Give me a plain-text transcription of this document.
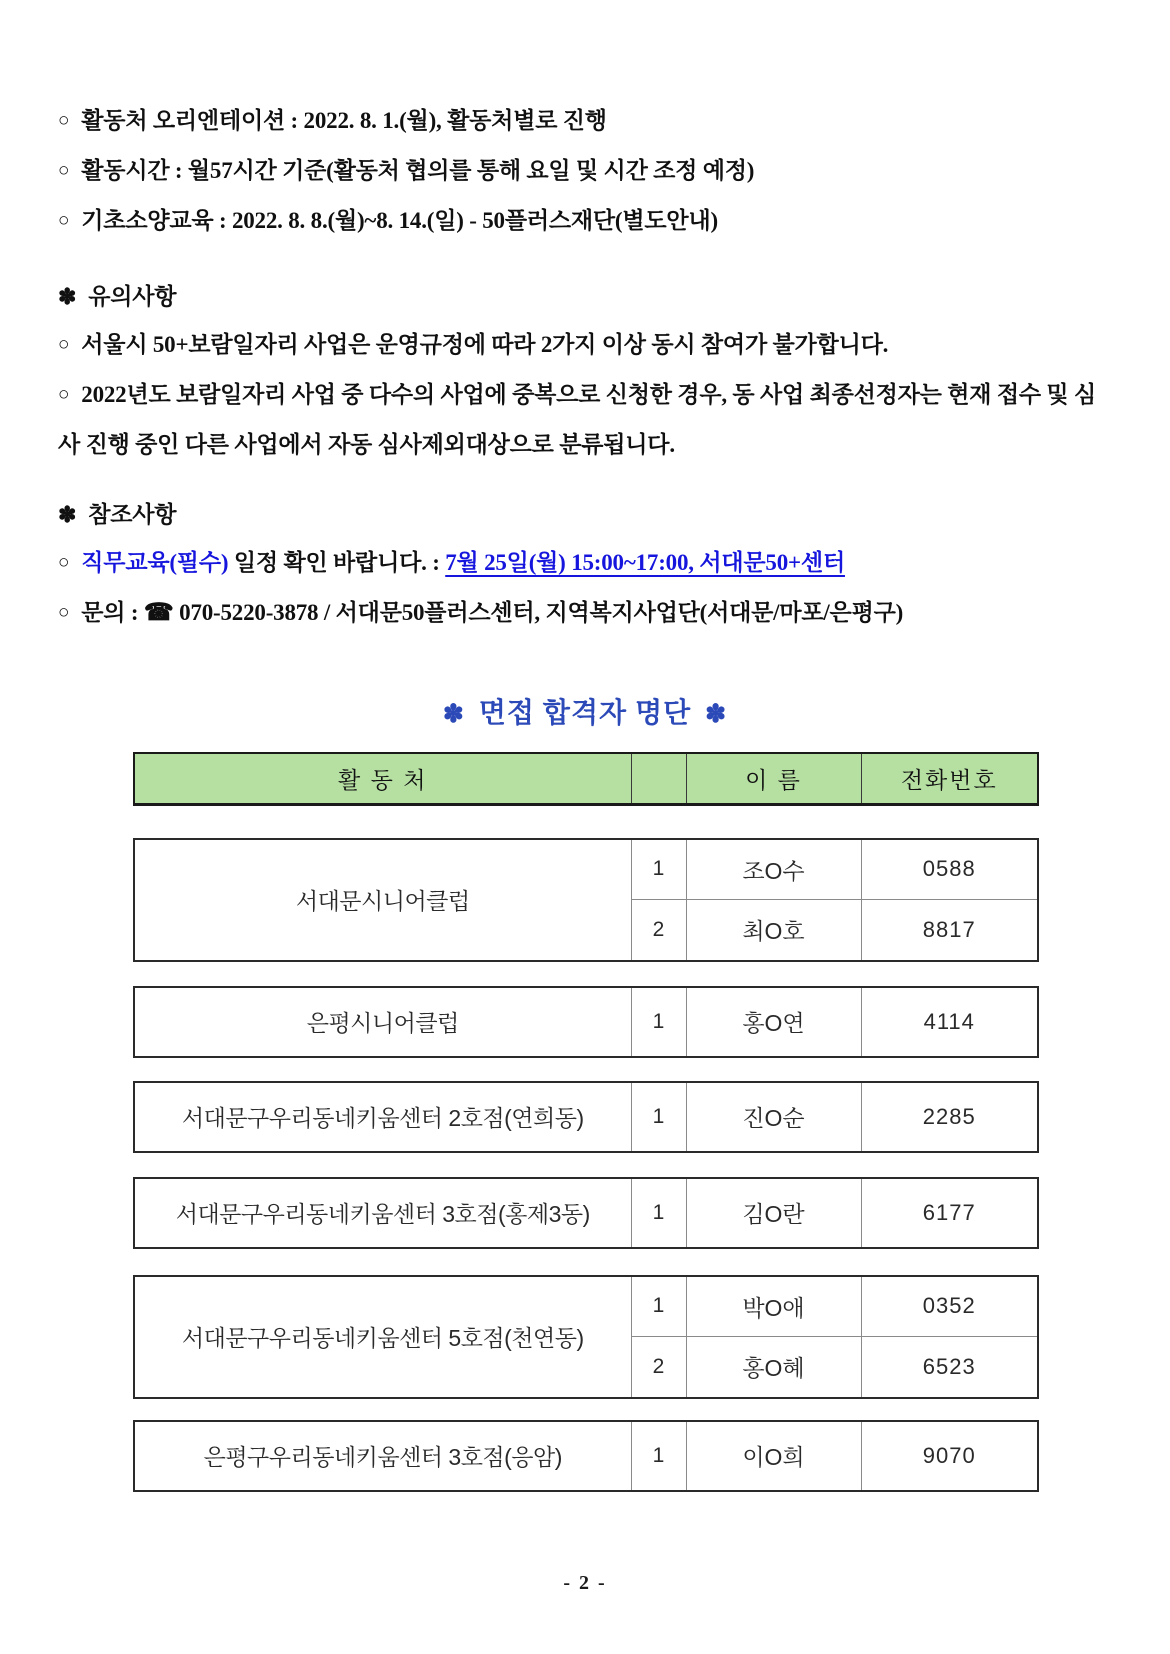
○ 활동처 오리엔테이션 : 2022. 8. 1.(월), 활동처별로 진행
○ 활동시간 : 월57시간 기준(활동처 협의를 통해 요일 및 시간 조정 예정)
○ 기초소양교육 : 2022. 8. 8.(월)~8. 14.(일) - 50플러스재단(별도안내)
✽ 유의사항
○ 서울시 50+보람일자리 사업은 운영규정에 따라 2가지 이상 동시 참여가 불가합니다.
○ 2022년도 보람일자리 사업 중 다수의 사업에 중복으로 신청한 경우, 동 사업 최종선정자는 현재 접수 및 심사 진행 중인 다른 사업에서 자동 심사제외대상으로 분류됩니다.
✽ 참조사항
○ 직무교육(필수) 일정 확인 바랍니다. : 7월 25일(월) 15:00~17:00, 서대문50+센터
○ 문의 : ☎ 070-5220-3878 / 서대문50플러스센터, 지역복지사업단(서대문/마포/은평구)
✽ 면접 합격자 명단 ✽
활 동 처		이 름	전화번호
서대문시니어클럽	1	조O수	0588
	2	최O호	8817
은평시니어클럽	1	홍O연	4114
서대문구우리동네키움센터 2호점(연희동)	1	진O순	2285
서대문구우리동네키움센터 3호점(홍제3동)	1	김O란	6177
서대문구우리동네키움센터 5호점(천연동)	1	박O애	0352
	2	홍O혜	6523
은평구우리동네키움센터 3호점(응암)	1	이O희	9070
- 2 -
